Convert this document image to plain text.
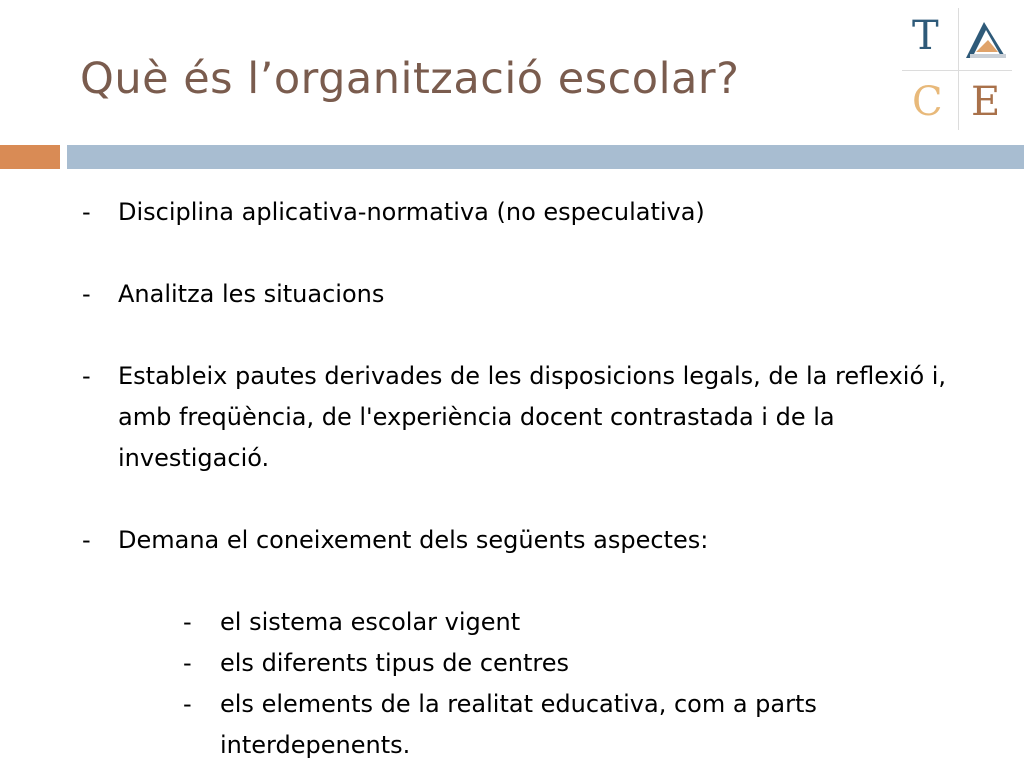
Què és l’organització escolar?
T
C E
- Disciplina aplicativa-normativa (no especulativa)
- Analitza les situacions
- Estableix pautes derivades de les disposicions legals, de la reflexió i, amb freqüència, de l'experiència docent contrastada i de la investigació.
- Demana el coneixement dels següents aspectes:
- el sistema escolar vigent
- els diferents tipus de centres
- els elements de la realitat educativa, com a parts interdepenents.
